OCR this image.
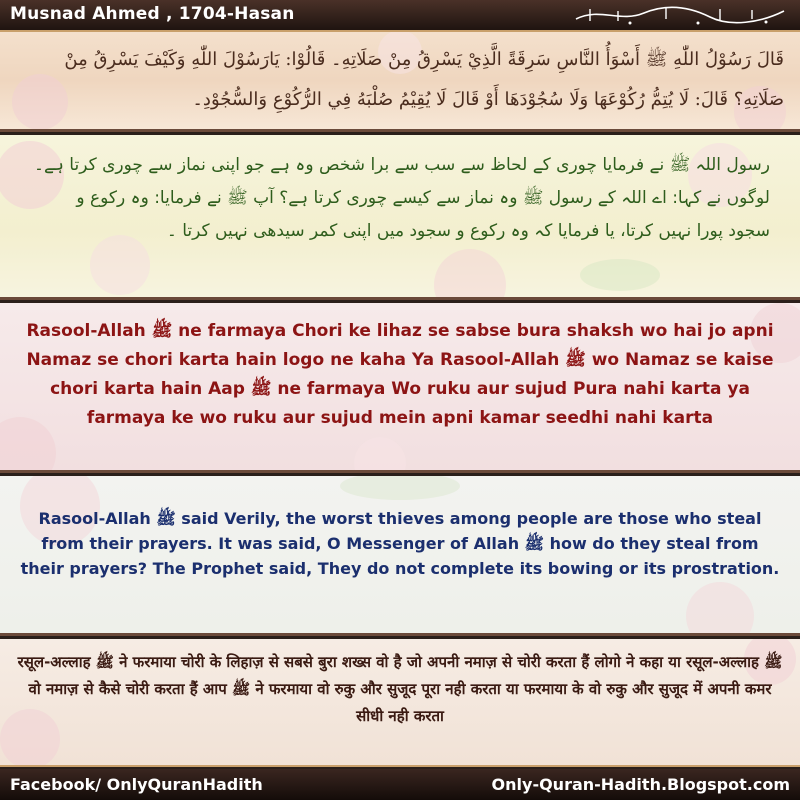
Musnad Ahmed , 1704-Hasan
قَالَ رَسُوْلُ اللّٰهِ ﷺ أَسْوَأُ النَّاسِ سَرِقَةً الَّذِيْ يَسْرِقُ مِنْ صَلَاتِهِ۔ قَالُوْا: يَارَسُوْلَ اللّٰهِ وَكَيْفَ يَسْرِقُ مِنْ صَلَاتِهِ؟ قَالَ: لَا يُتِمُّ رُكُوْعَهَا وَلَا سُجُوْدَهَا أَوْ قَالَ لَا يُقِيْمُ صُلْبَهُ فِي الرُّكُوْعِ وَالسُّجُوْدِ۔
رسول اللہ ﷺ نے فرمایا چوری کے لحاظ سے سب سے برا شخص وہ ہے جو اپنی نماز سے چوری کرتا ہے۔ لوگوں نے کہا: اے اللہ کے رسول ﷺ وہ نماز سے کیسے چوری کرتا ہے؟ آپ ﷺ نے فرمایا: وہ رکوع و سجود پورا نہیں کرتا، یا فرمایا کہ وہ رکوع و سجود میں اپنی کمر سیدھی نہیں کرتا ۔
Rasool-Allah ﷺ ne farmaya Chori ke lihaz se sabse bura shaksh wo hai jo apni Namaz se chori karta hain logo ne kaha Ya Rasool-Allah ﷺ wo Namaz se kaise chori karta hain Aap ﷺ ne farmaya Wo ruku aur sujud Pura nahi karta ya farmaya ke wo ruku aur sujud mein apni kamar seedhi nahi karta
Rasool-Allah ﷺ said Verily, the worst thieves among people are those who steal from their prayers. It was said, O Messenger of Allah ﷺ how do they steal from their prayers? The Prophet said, They do not complete its bowing or its prostration.
रसूल-अल्लाह ﷺ ने फरमाया चोरी के लिहाज़ से सबसे बुरा शख्स वो है जो अपनी नमाज़ से चोरी करता हैं लोगो ने कहा या रसूल-अल्लाह ﷺ वो नमाज़ से कैसे चोरी करता हैं आप ﷺ ने फरमाया वो रुकु और सुजूद पूरा नही करता या फरमाया के वो रुकु और सुजूद में अपनी कमर सीधी नही करता
Facebook/ OnlyQuranHadith	Only-Quran-Hadith.Blogspot.com
